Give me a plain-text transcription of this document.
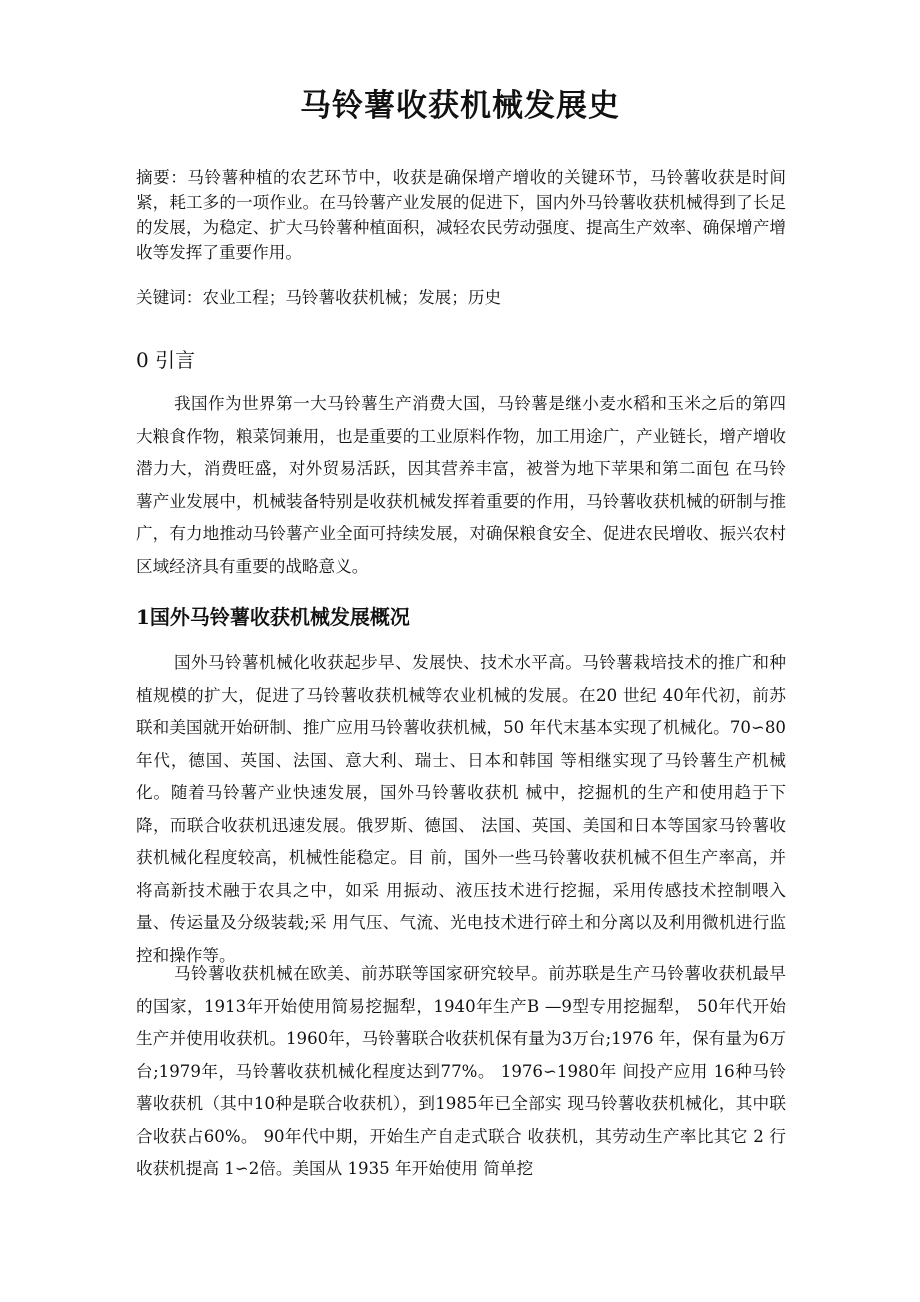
马铃薯收获机械发展史

摘要：马铃薯种植的农艺环节中，收获是确保增产增收的关键环节，马铃薯收获是时间紧，耗工多的一项作业。在马铃薯产业发展的促进下，国内外马铃薯收获机械得到了长足的发展，为稳定、扩大马铃薯种植面积，减轻农民劳动强度、提高生产效率、确保增产增收等发挥了重要作用。

关键词：农业工程；马铃薯收获机械；发展；历史

0 引言

我国作为世界第一大马铃薯生产消费大国，马铃薯是继小麦水稻和玉米之后的第四大粮食作物，粮菜饲兼用，也是重要的工业原料作物，加工用途广，产业链长，增产增收潜力大，消费旺盛，对外贸易活跃，因其营养丰富，被誉为地下苹果和第二面包 在马铃薯产业发展中，机械装备特别是收获机械发挥着重要的作用，马铃薯收获机械的研制与推广，有力地推动马铃薯产业全面可持续发展，对确保粮食安全、促进农民增收、振兴农村区域经济具有重要的战略意义。

1国外马铃薯收获机械发展概况

国外马铃薯机械化收获起步早、发展快、技术水平高。马铃薯栽培技术的推广和种植规模的扩大，促进了马铃薯收获机械等农业机械的发展。在20 世纪 40年代初，前苏联和美国就开始研制、推广应用马铃薯收获机械，50 年代末基本实现了机械化。70∽80年代，德国、英国、法国、意大利、瑞士、日本和韩国 等相继实现了马铃薯生产机械化。随着马铃薯产业快速发展，国外马铃薯收获机 械中，挖掘机的生产和使用趋于下降，而联合收获机迅速发展。俄罗斯、德国、 法国、英国、美国和日本等国家马铃薯收获机械化程度较高，机械性能稳定。目 前，国外一些马铃薯收获机械不但生产率高，并将高新技术融于农具之中，如采 用振动、液压技术进行挖掘，采用传感技术控制喂入量、传运量及分级装载;采 用气压、气流、光电技术进行碎土和分离以及利用微机进行监控和操作等。

马铃薯收获机械在欧美、前苏联等国家研究较早。前苏联是生产马铃薯收获机最早的国家，1913年开始使用简易挖掘犁，1940年生产B —9型专用挖掘犁， 50年代开始生产并使用收获机。1960年，马铃薯联合收获机保有量为3万台;1976 年，保有量为6万台;1979年，马铃薯收获机械化程度达到77%。 1976∽1980年 间投产应用 16种马铃薯收获机（其中10种是联合收获机），到1985年已全部实 现马铃薯收获机械化，其中联合收获占60%。 90年代中期，开始生产自走式联合 收获机，其劳动生产率比其它 2 行收获机提高 1∽2倍。美国从 1935 年开始使用 简单挖
